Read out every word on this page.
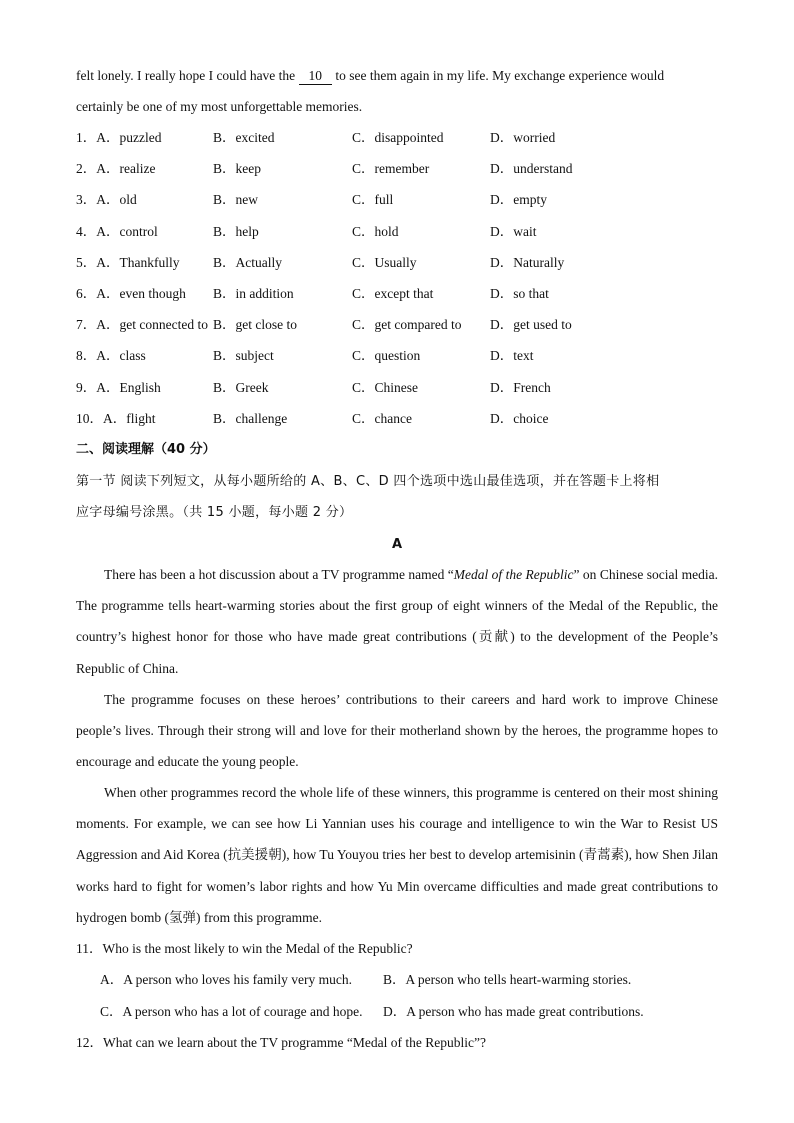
felt lonely. I really hope I could have the 10 to see them again in my life. My exchange experience would
certainly be one of my most unforgettable memories.
1．A．puzzled	B．excited	C．disappointed	D．worried
2．A．realize	B．keep	C．remember	D．understand
3．A．old	B．new	C．full	D．empty
4．A．control	B．help	C．hold	D．wait
5．A．Thankfully B．Actually	C．Usually	D．Naturally
6．A．even though B．in addition	C．except that	D．so that
7．A．get connected to B．get close to	C．get compared to D．get used to
8．A．class	B．subject	C．question	D．text
9．A．English	B．Greek	C．Chinese	D．French
10．A．flight	B．challenge	C．chance	D．choice
二、阅读理解（40 分）
第一节 阅读下列短文，从每小题所给的 A、B、C、D 四个选项中选山最佳选项，并在答题卡上将相
应字母编号涂黑。（共 15 小题，每小题 2 分）
A

There has been a hot discussion about a TV programme named “Medal of the Republic” on Chinese social media. The programme tells heart-warming stories about the first group of eight winners of the Medal of the Republic, the country’s highest honor for those who have made great contributions (贡献) to the development of the People’s Republic of China.

The programme focuses on these heroes’ contributions to their careers and hard work to improve Chinese people’s lives. Through their strong will and love for their motherland shown by the heroes, the programme hopes to encourage and educate the young people.

When other programmes record the whole life of these winners, this programme is centered on their most shining moments. For example, we can see how Li Yannian uses his courage and intelligence to win the War to Resist US Aggression and Aid Korea (抗美援朝), how Tu Youyou tries her best to develop artemisinin (青蒿素), how Shen Jilan works hard to fight for women’s labor rights and how Yu Min overcame difficulties and made great contributions to hydrogen bomb (氢弹) from this programme.

11．Who is the most likely to win the Medal of the Republic?
A．A person who loves his family very much. B．A person who tells heart-warming stories.
C．A person who has a lot of courage and hope. D．A person who has made great contributions.
12．What can we learn about the TV programme “Medal of the Republic”?
